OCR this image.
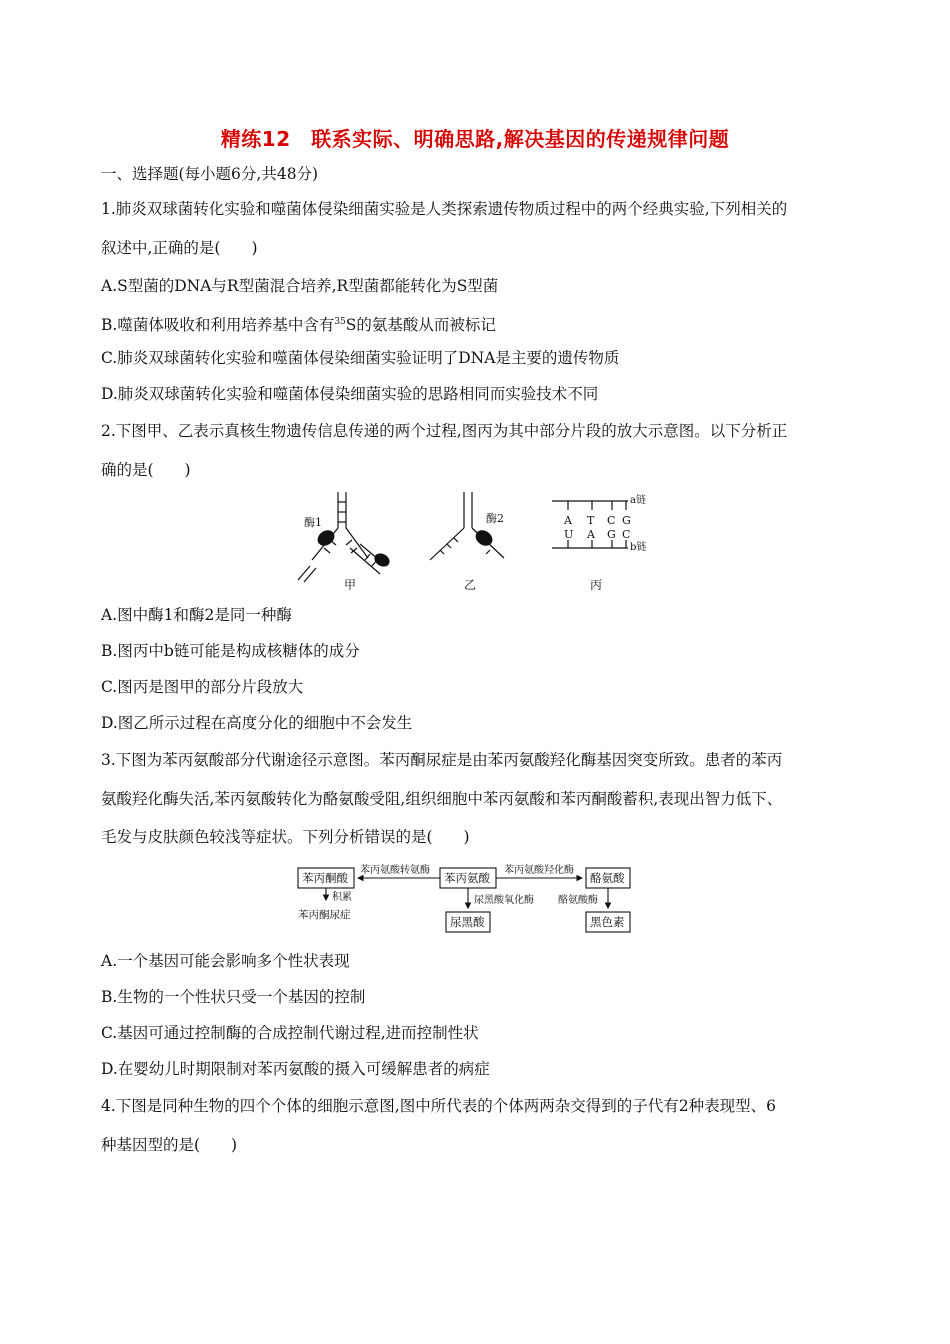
精练12　联系实际、明确思路,解决基因的传递规律问题
一、选择题(每小题6分,共48分)
1.肺炎双球菌转化实验和噬菌体侵染细菌实验是人类探索遗传物质过程中的两个经典实验,下列相关的
叙述中,正确的是(　　)
A.S型菌的DNA与R型菌混合培养,R型菌都能转化为S型菌
B.噬菌体吸收和利用培养基中含有$^{35}$S的氨基酸从而被标记
C.肺炎双球菌转化实验和噬菌体侵染细菌实验证明了DNA是主要的遗传物质
D.肺炎双球菌转化实验和噬菌体侵染细菌实验的思路相同而实验技术不同
2.下图甲、乙表示真核生物遗传信息传递的两个过程,图丙为其中部分片段的放大示意图。以下分析正
确的是(　　)
酶1
甲
酶2
乙
a链
b链
A T C G
U A G C
丙
A.图中酶1和酶2是同一种酶
B.图丙中b链可能是构成核糖体的成分
C.图丙是图甲的部分片段放大
D.图乙所示过程在高度分化的细胞中不会发生
3.下图为苯丙氨酸部分代谢途径示意图。苯丙酮尿症是由苯丙氨酸羟化酶基因突变所致。患者的苯丙
氨酸羟化酶失活,苯丙氨酸转化为酪氨酸受阻,组织细胞中苯丙氨酸和苯丙酮酸蓄积,表现出智力低下、
毛发与皮肤颜色较浅等症状。下列分析错误的是(　　)
苯丙酮酸	苯丙氨酸	酪氨酸
尿黑酸	黑色素
苯丙氨酸转氨酶	苯丙氨酸羟化酶
积累
苯丙酮尿症
尿黑酸氧化酶 酪氨酸酶
A.一个基因可能会影响多个性状表现
B.生物的一个性状只受一个基因的控制
C.基因可通过控制酶的合成控制代谢过程,进而控制性状
D.在婴幼儿时期限制对苯丙氨酸的摄入可缓解患者的病症
4.下图是同种生物的四个个体的细胞示意图,图中所代表的个体两两杂交得到的子代有2种表现型、6
种基因型的是(　　)
